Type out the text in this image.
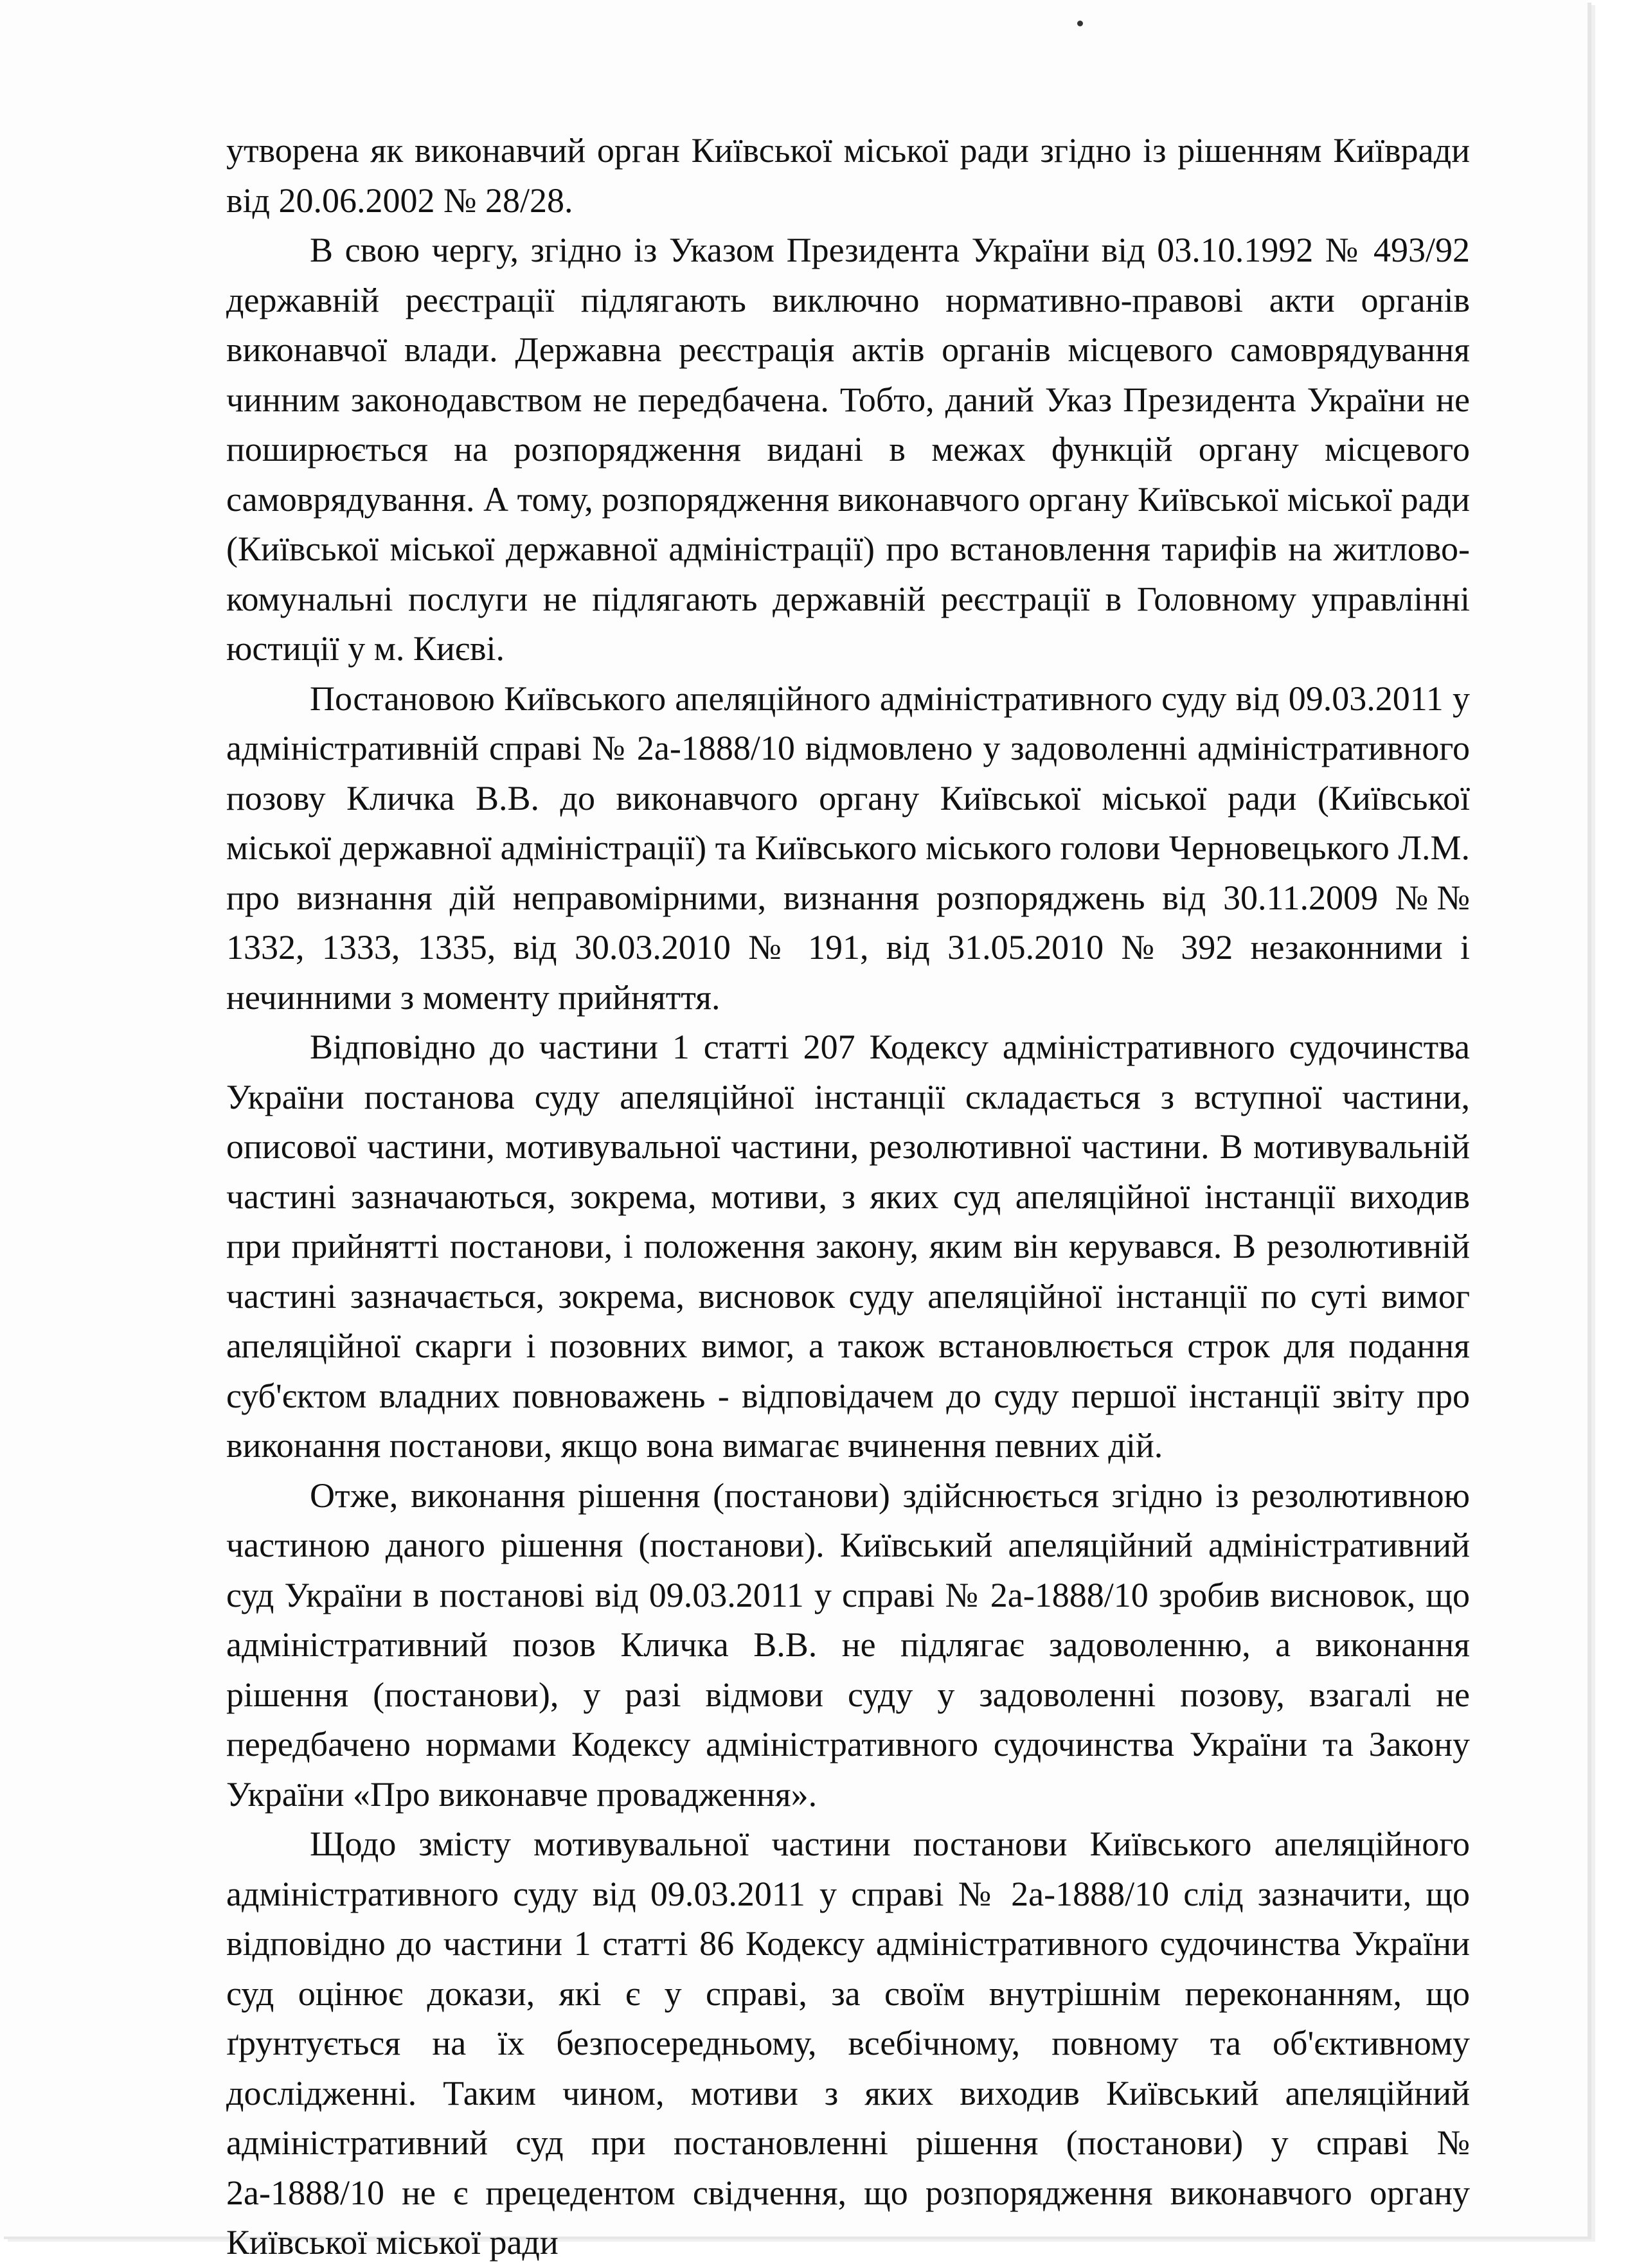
утворена як виконавчий орган Київської міської ради згідно із рішенням Київради від 20.06.2002 № 28/28.

В свою чергу, згідно із Указом Президента України від 03.10.1992 № 493/92 державній реєстрації підлягають виключно нормативно-правові акти органів виконавчої влади. Державна реєстрація актів органів місцевого самоврядування чинним законодавством не передбачена. Тобто, даний Указ Президента України не поширюється на розпорядження видані в межах функцій органу місцевого самоврядування. А тому, розпорядження виконавчого органу Київської міської ради (Київської міської державної адміністрації) про встановлення тарифів на житлово-комунальні послуги не підлягають державній реєстрації в Головному управлінні юстиції у м. Києві.

Постановою Київського апеляційного адміністративного суду від 09.03.2011 у адміністративній справі № 2а-1888/10 відмовлено у задоволенні адміністративного позову Кличка В.В. до виконавчого органу Київської міської ради (Київської міської державної адміністрації) та Київського міського голови Черновецького Л.М. про визнання дій неправомірними, визнання розпоряджень від 30.11.2009 №№ 1332, 1333, 1335, від 30.03.2010 № 191, від 31.05.2010 № 392 незаконними і нечинними з моменту прийняття.

Відповідно до частини 1 статті 207 Кодексу адміністративного судочинства України постанова суду апеляційної інстанції складається з вступної частини, описової частини, мотивувальної частини, резолютивної частини. В мотивувальній частині зазначаються, зокрема, мотиви, з яких суд апеляційної інстанції виходив при прийнятті постанови, і положення закону, яким він керувався. В резолютивній частині зазначається, зокрема, висновок суду апеляційної інстанції по суті вимог апеляційної скарги і позовних вимог, а також встановлюється строк для подання суб'єктом владних повноважень - відповідачем до суду першої інстанції звіту про виконання постанови, якщо вона вимагає вчинення певних дій.

Отже, виконання рішення (постанови) здійснюється згідно із резолютивною частиною даного рішення (постанови). Київський апеляційний адміністративний суд України в постанові від 09.03.2011 у справі № 2а-1888/10 зробив висновок, що адміністративний позов Кличка В.В. не підлягає задоволенню, а виконання рішення (постанови), у разі відмови суду у задоволенні позову, взагалі не передбачено нормами Кодексу адміністративного судочинства України та Закону України «Про виконавче провадження».

Щодо змісту мотивувальної частини постанови Київського апеляційного адміністративного суду від 09.03.2011 у справі № 2а-1888/10 слід зазначити, що відповідно до частини 1 статті 86 Кодексу адміністративного судочинства України суд оцінює докази, які є у справі, за своїм внутрішнім переконанням, що ґрунтується на їх безпосередньому, всебічному, повному та об'єктивному дослідженні. Таким чином, мотиви з яких виходив Київський апеляційний адміністративний суд при постановленні рішення (постанови) у справі № 2а-1888/10 не є прецедентом свідчення, що розпорядження виконавчого органу Київської міської ради
